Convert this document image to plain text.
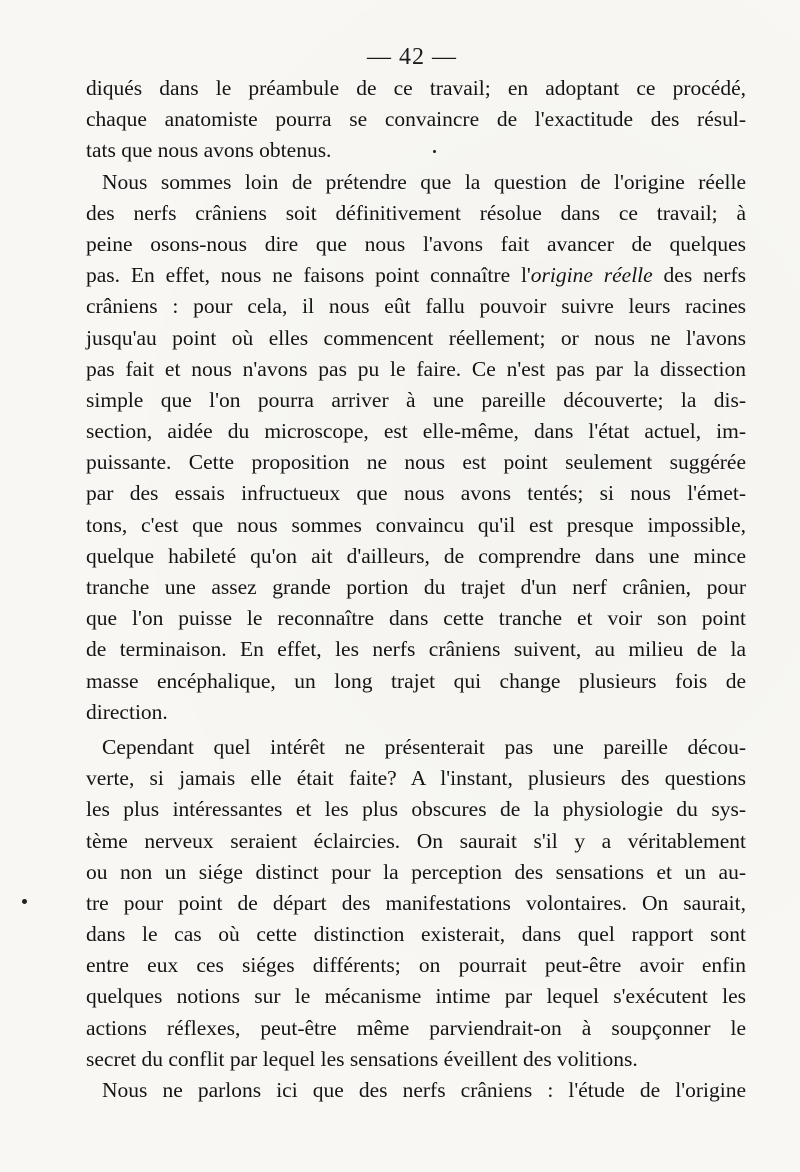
— 42 —
diqués dans le préambule de ce travail; en adoptant ce procédé,
chaque anatomiste pourra se convaincre de l'exactitude des résul-
tats que nous avons obtenus.
Nous sommes loin de prétendre que la question de l'origine réelle
des nerfs crâniens soit définitivement résolue dans ce travail; à
peine osons-nous dire que nous l'avons fait avancer de quelques
pas. En effet, nous ne faisons point connaître l'origine réelle des nerfs
crâniens : pour cela, il nous eût fallu pouvoir suivre leurs racines
jusqu'au point où elles commencent réellement; or nous ne l'avons
pas fait et nous n'avons pas pu le faire. Ce n'est pas par la dissection
simple que l'on pourra arriver à une pareille découverte; la dis-
section, aidée du microscope, est elle-même, dans l'état actuel, im-
puissante. Cette proposition ne nous est point seulement suggérée
par des essais infructueux que nous avons tentés; si nous l'émet-
tons, c'est que nous sommes convaincu qu'il est presque impossible,
quelque habileté qu'on ait d'ailleurs, de comprendre dans une mince
tranche une assez grande portion du trajet d'un nerf crânien, pour
que l'on puisse le reconnaître dans cette tranche et voir son point
de terminaison. En effet, les nerfs crâniens suivent, au milieu de la
masse encéphalique, un long trajet qui change plusieurs fois de
direction.
Cependant quel intérêt ne présenterait pas une pareille décou-
verte, si jamais elle était faite? A l'instant, plusieurs des questions
les plus intéressantes et les plus obscures de la physiologie du sys-
tème nerveux seraient éclaircies. On saurait s'il y a véritablement
ou non un siége distinct pour la perception des sensations et un au-
tre pour point de départ des manifestations volontaires. On saurait,
dans le cas où cette distinction existerait, dans quel rapport sont
entre eux ces siéges différents; on pourrait peut-être avoir enfin
quelques notions sur le mécanisme intime par lequel s'exécutent les
actions réflexes, peut-être même parviendrait-on à soupçonner le
secret du conflit par lequel les sensations éveillent des volitions.
Nous ne parlons ici que des nerfs crâniens : l'étude de l'origine
